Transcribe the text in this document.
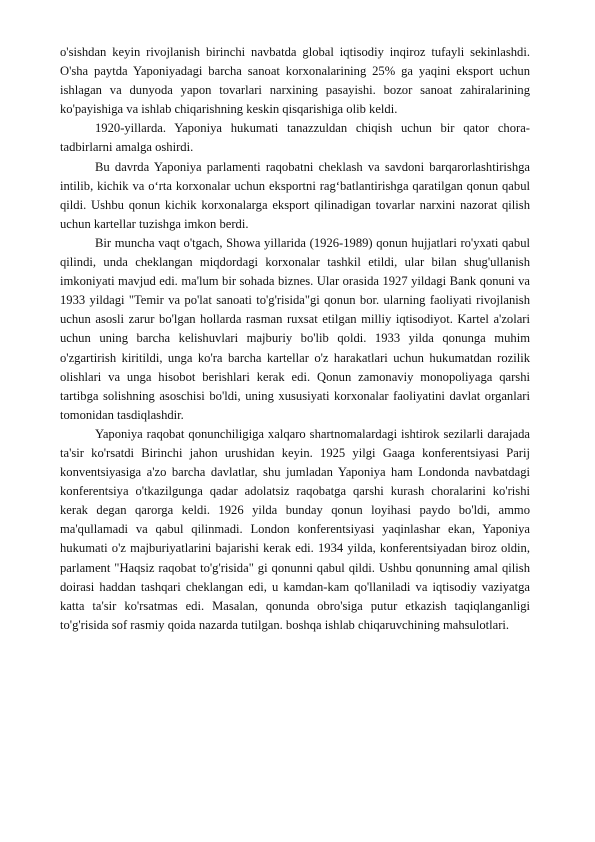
o'sishdan keyin rivojlanish birinchi navbatda global iqtisodiy inqiroz tufayli sekinlashdi. O'sha paytda Yaponiyadagi barcha sanoat korxonalarining 25% ga yaqini eksport uchun ishlagan va dunyoda yapon tovarlari narxining pasayishi. bozor sanoat zahiralarining ko'payishiga va ishlab chiqarishning keskin qisqarishiga olib keldi.

1920-yillarda. Yaponiya hukumati tanazzuldan chiqish uchun bir qator chora-tadbirlarni amalga oshirdi.

Bu davrda Yaponiya parlamenti raqobatni cheklash va savdoni barqarorlashtirishga intilib, kichik va o‘rta korxonalar uchun eksportni rag‘batlantirishga qaratilgan qonun qabul qildi. Ushbu qonun kichik korxonalarga eksport qilinadigan tovarlar narxini nazorat qilish uchun kartellar tuzishga imkon berdi.

Bir muncha vaqt o'tgach, Showa yillarida (1926-1989) qonun hujjatlari ro'yxati qabul qilindi, unda cheklangan miqdordagi korxonalar tashkil etildi, ular bilan shug'ullanish imkoniyati mavjud edi. ma'lum bir sohada biznes. Ular orasida 1927 yildagi Bank qonuni va 1933 yildagi "Temir va po'lat sanoati to'g'risida"gi qonun bor. ularning faoliyati rivojlanish uchun asosli zarur bo'lgan hollarda rasman ruxsat etilgan milliy iqtisodiyot. Kartel a'zolari uchun uning barcha kelishuvlari majburiy bo'lib qoldi. 1933 yilda qonunga muhim o'zgartirish kiritildi, unga ko'ra barcha kartellar o'z harakatlari uchun hukumatdan rozilik olishlari va unga hisobot berishlari kerak edi. Qonun zamonaviy monopoliyaga qarshi tartibga solishning asoschisi bo'ldi, uning xususiyati korxonalar faoliyatini davlat organlari tomonidan tasdiqlashdir.

Yaponiya raqobat qonunchiligiga xalqaro shartnomalardagi ishtirok sezilarli darajada ta'sir ko'rsatdi Birinchi jahon urushidan keyin. 1925 yilgi Gaaga konferentsiyasi Parij konventsiyasiga a'zo barcha davlatlar, shu jumladan Yaponiya ham Londonda navbatdagi konferentsiya o'tkazilgunga qadar adolatsiz raqobatga qarshi kurash choralarini ko'rishi kerak degan qarorga keldi. 1926 yilda bunday qonun loyihasi paydo bo'ldi, ammo ma'qullamadi va qabul qilinmadi. London konferentsiyasi yaqinlashar ekan, Yaponiya hukumati o'z majburiyatlarini bajarishi kerak edi. 1934 yilda, konferentsiyadan biroz oldin, parlament "Haqsiz raqobat to'g'risida" gi qonunni qabul qildi. Ushbu qonunning amal qilish doirasi haddan tashqari cheklangan edi, u kamdan-kam qo'llaniladi va iqtisodiy vaziyatga katta ta'sir ko'rsatmas edi. Masalan, qonunda obro'siga putur etkazish taqiqlanganligi to'g'risida sof rasmiy qoida nazarda tutilgan. boshqa ishlab chiqaruvchining mahsulotlari.
